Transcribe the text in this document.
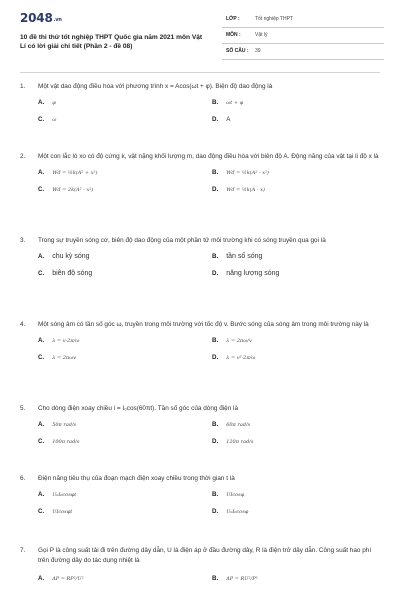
$2048^{.vn}$
10 đề thi thử tốt nghiệp THPT Quốc gia năm 2021 môn Vật
Lí có lời giải chi tiết (Phần 2 - đề 08)
LỚP :	Tốt nghiệp THPT
MÔN :	Vật lý
SỐ CÂU : 39
1. Một vật dao động điều hòa với phương trình x = Acos(ωt + φ). Biện độ dao động là
A. φ	B. ωt + φ
C. ω	D. A
2. Một con lắc lò xo có độ cứng k, vật nặng khối lượng m, dao động điều hòa với biên độ A. Động năng của vật tại li độ x là
A. Wđ = ½k(A² + x²)	B. Wđ = ½k(A² - x²)
C. Wđ = 2k(A² - x²)	D. Wđ = ½k(A - x)
3. Trong sự truyền sóng cơ, biên độ dao động của một phần tử môi trường khi có sóng truyền qua gọi là
A. chu kỳ sóng	B. tần số sóng
C. biên độ sóng	D. năng lượng sóng
4. Một sóng âm có tần số góc ω, truyền trong môi trường với tốc độ v. Bước sóng của sóng âm trong môi trường này là
A. λ = v·2π/ω	B. λ = 2πω/v
C. λ = 2πωv	D. λ = v²·2π/ω
5. Cho dòng điện xoay chiều i = I₀cos(60πt). Tần số góc của dòng điện là
A. 50π rad/s	B. 60π rad/s
C. 100π rad/s	D. 120π rad/s
6. Điện năng tiêu thụ của đoạn mạch điện xoay chiều trong thời gian t là
A. U₀I₀cosφt	B. UIcosφ
C. UIcosφt	D. U₀I₀cosφ
7. Gọi P là công suất tải đi trên đường dây dẫn, U là điện áp ở đầu đường dây, R là điện trở dây dẫn. Công suất hao phí trên đường dây do tác dụng nhiệt là
A. ΔP = RP²/U²	B. ΔP = RU²/P²
